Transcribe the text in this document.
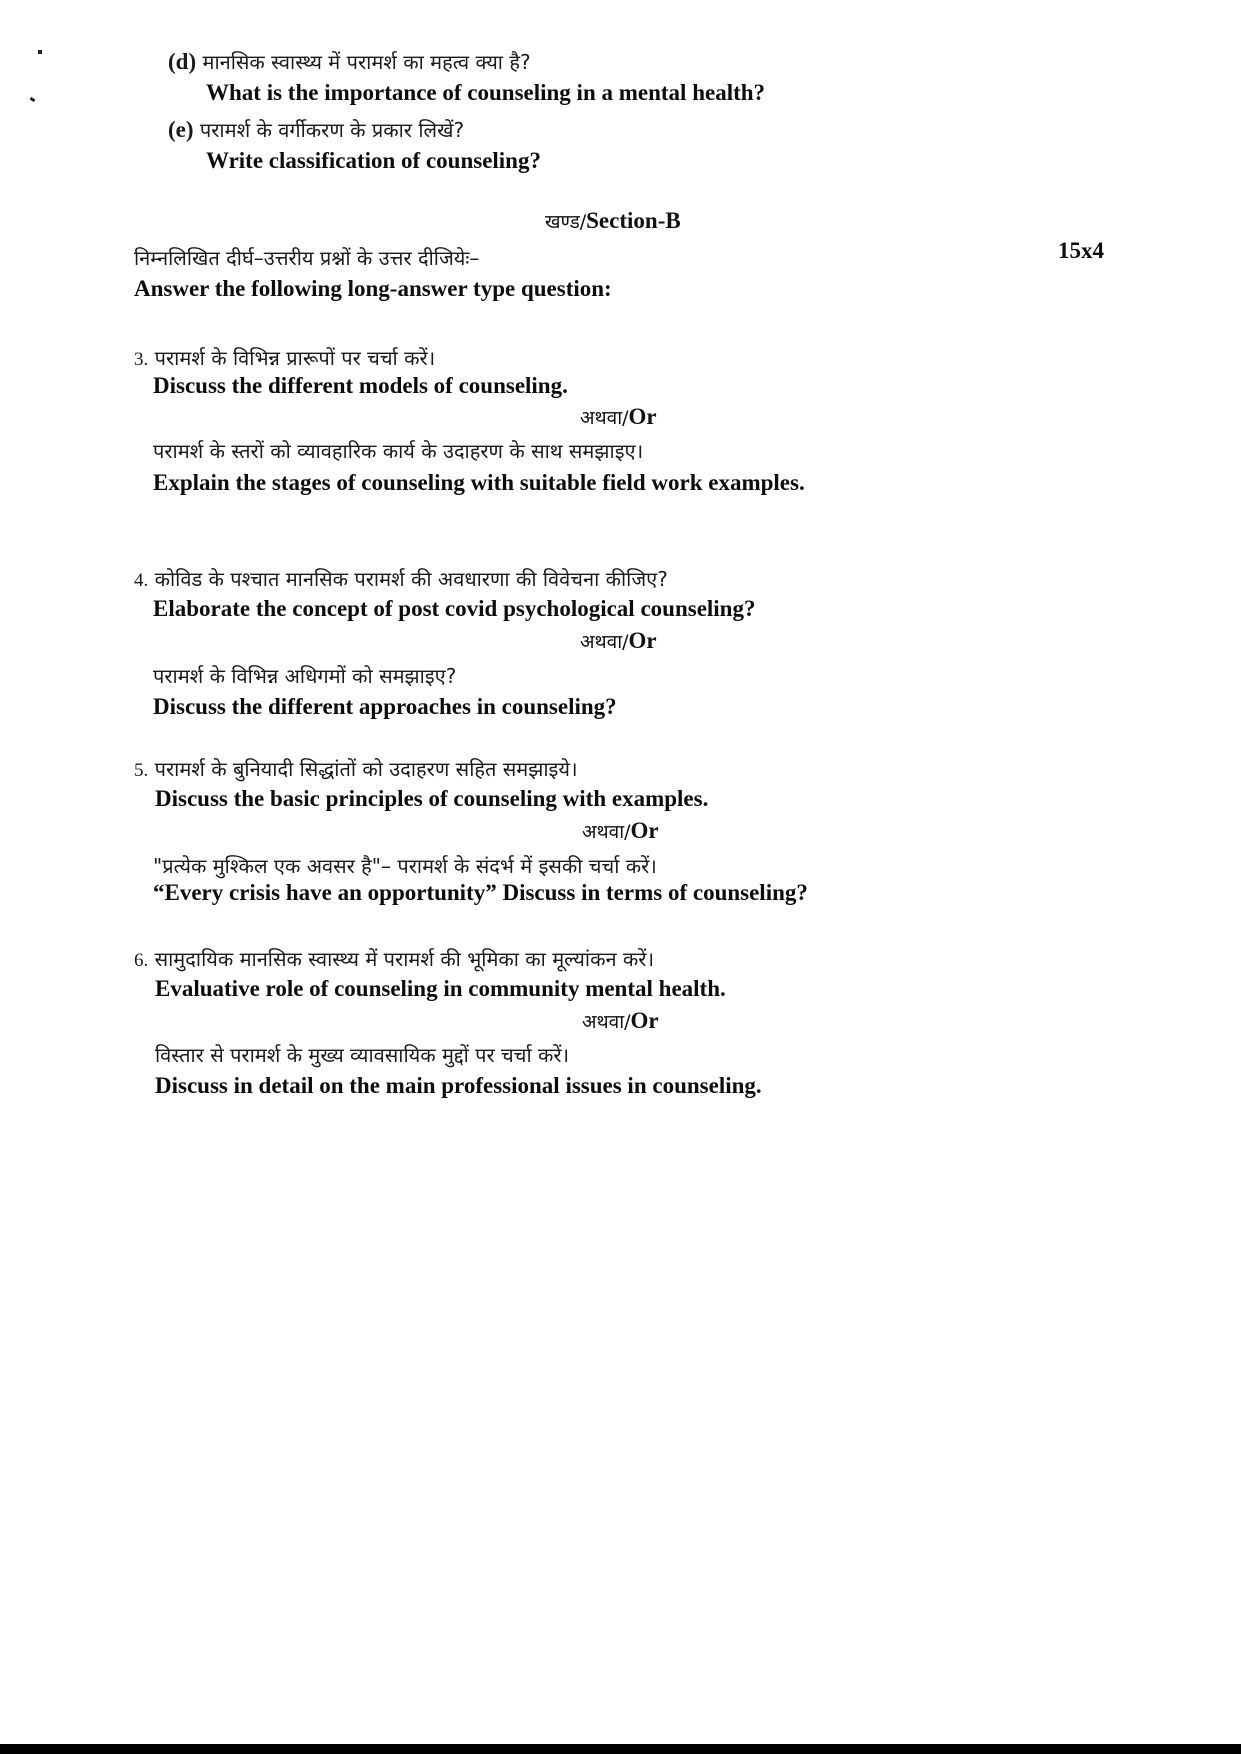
(d) मानसिक स्वास्थ्य में परामर्श का महत्व क्या है?
What is the importance of counseling in a mental health?
(e) परामर्श के वर्गीकरण के प्रकार लिखें?
Write classification of counseling?
खण्ड/Section-B
निम्नलिखित दीर्घ–उत्तरीय प्रश्नों के उत्तर दीजियेः–	15x4
Answer the following long-answer type question:
3. परामर्श के विभिन्न प्रारूपों पर चर्चा करें।
Discuss the different models of counseling.
अथवा/Or
परामर्श के स्तरों को व्यावहारिक कार्य के उदाहरण के साथ समझाइए।
Explain the stages of counseling with suitable field work examples.
4. कोविड के पश्चात मानसिक परामर्श की अवधारणा की विवेचना कीजिए?
Elaborate the concept of post covid psychological counseling?
अथवा/Or
परामर्श के विभिन्न अधिगमों को समझाइए?
Discuss the different approaches in counseling?
5. परामर्श के बुनियादी सिद्धांतों को उदाहरण सहित समझाइये।
Discuss the basic principles of counseling with examples.
अथवा/Or
"प्रत्येक मुश्किल एक अवसर है"– परामर्श के संदर्भ में इसकी चर्चा करें।
“Every crisis have an opportunity” Discuss in terms of counseling?
6. सामुदायिक मानसिक स्वास्थ्य में परामर्श की भूमिका का मूल्यांकन करें।
Evaluative role of counseling in community mental health.
अथवा/Or
विस्तार से परामर्श के मुख्य व्यावसायिक मुद्दों पर चर्चा करें।
Discuss in detail on the main professional issues in counseling.
